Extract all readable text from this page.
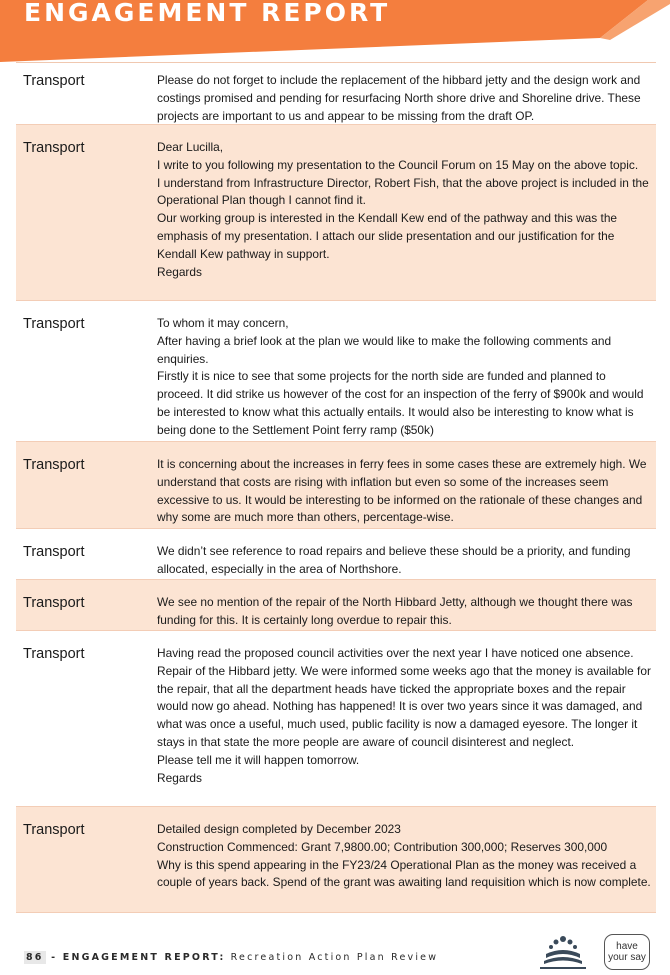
ENGAGEMENT REPORT
Transport	Please do not forget to include the replacement of the hibbard jetty and the design work and costings promised and pending for resurfacing North shore drive and Shoreline drive. These projects are important to us and appear to be missing from the draft OP.

Transport	Dear Lucilla,

I write to you following my presentation to the Council Forum on 15 May on the above topic.

I understand from Infrastructure Director, Robert Fish, that the above project is included in the Operational Plan though I cannot find it.

Our working group is interested in the Kendall Kew end of the pathway and this was the emphasis of my presentation. I attach our slide presentation and our justification for the Kendall Kew pathway in support.

Regards

Transport	To whom it may concern,

After having a brief look at the plan we would like to make the following comments and enquiries.

Firstly it is nice to see that some projects for the north side are funded and planned to proceed. It did strike us however of the cost for an inspection of the ferry of $900k and would be interested to know what this actually entails. It would also be interesting to know what is being done to the Settlement Point ferry ramp ($50k)

Transport	It is concerning about the increases in ferry fees in some cases these are extremely high. We understand that costs are rising with inflation but even so some of the increases seem excessive to us. It would be interesting to be informed on the rationale of these changes and why some are much more than others, percentage-wise.

Transport	We didn’t see reference to road repairs and believe these should be a priority, and funding allocated, especially in the area of Northshore.

Transport	We see no mention of the repair of the North Hibbard Jetty, although we thought there was funding for this. It is certainly long overdue to repair this.

Transport	Having read the proposed council activities over the next year I have noticed one absence. Repair of the Hibbard jetty. We were informed some weeks ago that the money is available for the repair, that all the department heads have ticked the appropriate boxes and the repair would now go ahead. Nothing has happened! It is over two years since it was damaged, and what was once a useful, much used, public facility is now a damaged eyesore. The longer it stays in that state the more people are aware of council disinterest and neglect.

Please tell me it will happen tomorrow.

Regards

Transport	Detailed design completed by December 2023

Construction Commenced: Grant 7,9800.00; Contribution 300,000; Reserves 300,000

Why is this spend appearing in the FY23/24 Operational Plan as the money was received a couple of years back. Spend of the grant was awaiting land requisition which is now complete.

86 - ENGAGEMENT REPORT: Recreation Action Plan Review
have
your say
